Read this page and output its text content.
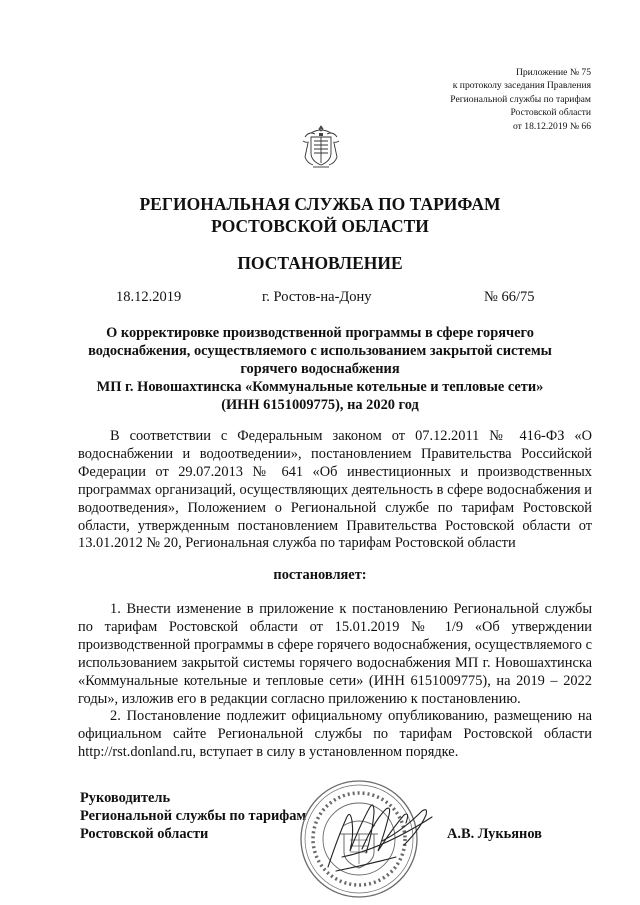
Приложение № 75
к протоколу заседания Правления
Региональной службы по тарифам
Ростовской области
от 18.12.2019 № 66
РЕГИОНАЛЬНАЯ СЛУЖБА ПО ТАРИФАМ
РОСТОВСКОЙ ОБЛАСТИ
ПОСТАНОВЛЕНИЕ
18.12.2019	г. Ростов-на-Дону	№ 66/75
О корректировке производственной программы в сфере горячего
водоснабжения, осуществляемого с использованием закрытой системы
горячего водоснабжения
МП г. Новошахтинска «Коммунальные котельные и тепловые сети»
(ИНН 6151009775), на 2020 год

В соответствии с Федеральным законом от 07.12.2011 № 416-ФЗ «О водоснабжении и водоотведении», постановлением Правительства Российской Федерации от 29.07.2013 № 641 «Об инвестиционных и производственных программах организаций, осуществляющих деятельность в сфере водоснабжения и водоотведения», Положением о Региональной службе по тарифам Ростовской области, утвержденным постановлением Правительства Ростовской области от 13.01.2012 № 20, Региональная служба по тарифам Ростовской области

постановляет:

1. Внести изменение в приложение к постановлению Региональной службы по тарифам Ростовской области от 15.01.2019 № 1/9 «Об утверждении производственной программы в сфере горячего водоснабжения, осуществляемого с использованием закрытой системы горячего водоснабжения МП г. Новошахтинска «Коммунальные котельные и тепловые сети» (ИНН 6151009775), на 2019 – 2022 годы», изложив его в редакции согласно приложению к постановлению.

2. Постановление подлежит официальному опубликованию, размещению на официальном сайте Региональной службы по тарифам Ростовской области http://rst.donland.ru, вступает в силу в установленном порядке.

Руководитель
Региональной службы по тарифам
Ростовской области	А.В. Лукьянов
